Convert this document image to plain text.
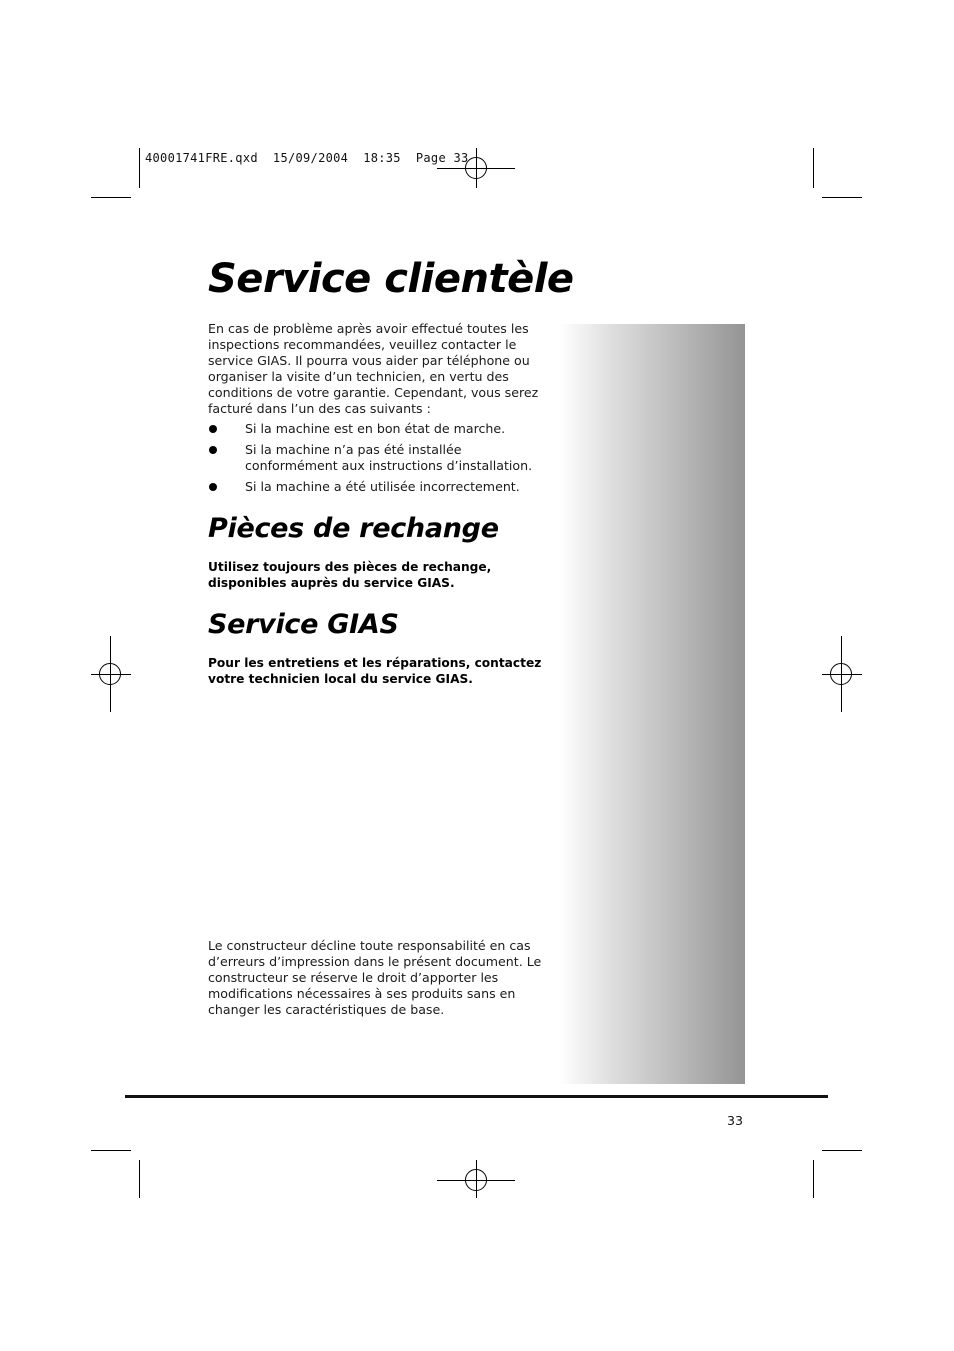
40001741FRE.qxd  15/09/2004  18:35  Page 33
Service clientèle

En cas de problème après avoir effectué toutes les inspections recommandées, veuillez contacter le service GIAS. Il pourra vous aider par téléphone ou organiser la visite d’un technicien, en vertu des conditions de votre garantie. Cependant, vous serez facturé dans l’un des cas suivants :

Si la machine est en bon état de marche.
Si la machine n’a pas été installée conformément aux instructions d’installation.
Si la machine a été utilisée incorrectement.
Pièces de rechange

Utilisez toujours des pièces de rechange, disponibles auprès du service GIAS.

Service GIAS

Pour les entretiens et les réparations, contactez votre technicien local du service GIAS.

Le constructeur décline toute responsabilité en cas d’erreurs d’impression dans le présent document. Le constructeur se réserve le droit d’apporter les modifications nécessaires à ses produits sans en changer les caractéristiques de base.

33
